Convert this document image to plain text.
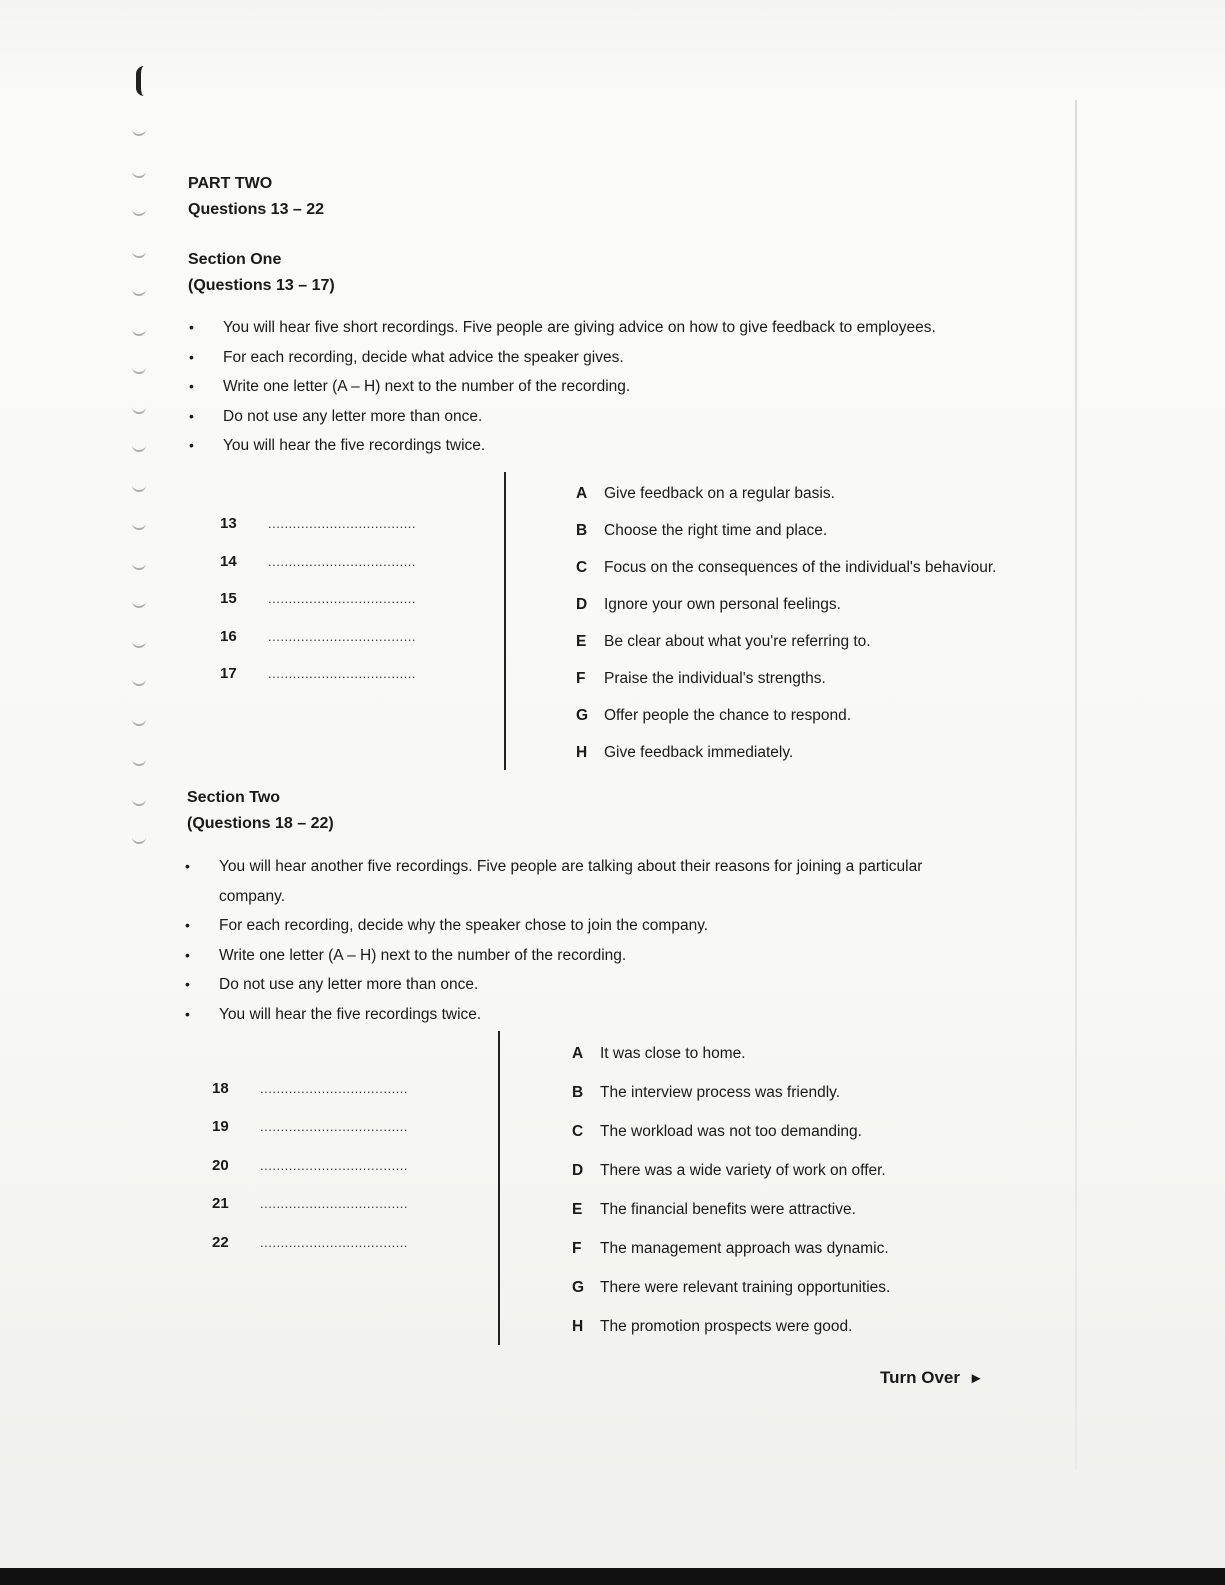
PART TWO
Questions 13 – 22
Section One
(Questions 13 – 17)
• You will hear five short recordings. Five people are giving advice on how to give feedback to employees.
• For each recording, decide what advice the speaker gives.
• Write one letter (A – H) next to the number of the recording.
• Do not use any letter more than once.
• You will hear the five recordings twice.
13	....................................
14	....................................
15	....................................
16	....................................
17	....................................
A	Give feedback on a regular basis.
B	Choose the right time and place.
C	Focus on the consequences of the individual's behaviour.
D	Ignore your own personal feelings.
E	Be clear about what you're referring to.
F	Praise the individual's strengths.
G	Offer people the chance to respond.
H	Give feedback immediately.
Section Two
(Questions 18 – 22)
• You will hear another five recordings. Five people are talking about their reasons for joining a particular company.
• For each recording, decide why the speaker chose to join the company.
• Write one letter (A – H) next to the number of the recording.
• Do not use any letter more than once.
• You will hear the five recordings twice.
18	....................................
19	....................................
20	....................................
21	....................................
22	....................................
A	It was close to home.
B	The interview process was friendly.
C	The workload was not too demanding.
D	There was a wide variety of work on offer.
E	The financial benefits were attractive.
F	The management approach was dynamic.
G	There were relevant training opportunities.
H	The promotion prospects were good.
Turn Over ►
